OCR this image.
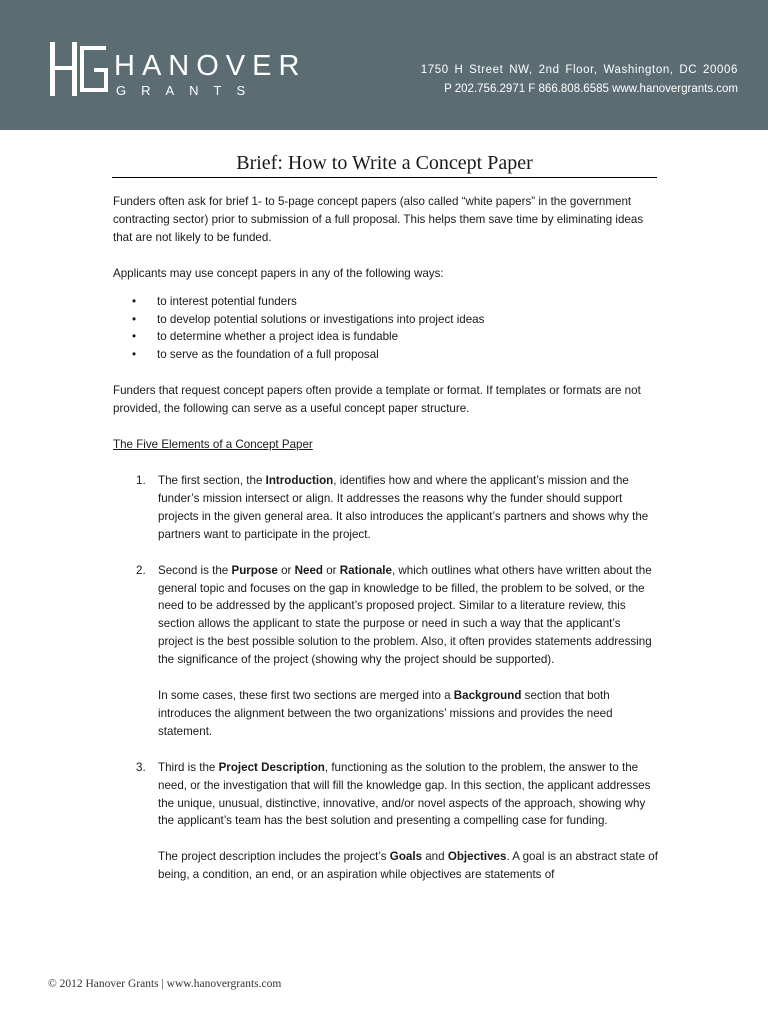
HANOVER
GRANTS
1750 H Street NW, 2nd Floor, Washington, DC 20006
P 202.756.2971 F 866.808.6585 www.hanovergrants.com
Brief: How to Write a Concept Paper

Funders often ask for brief 1- to 5-page concept papers (also called “white papers” in the government contracting sector) prior to submission of a full proposal. This helps them save time by eliminating ideas that are not likely to be funded.

Applicants may use concept papers in any of the following ways:

• to interest potential funders
• to develop potential solutions or investigations into project ideas
• to determine whether a project idea is fundable
• to serve as the foundation of a full proposal

Funders that request concept papers often provide a template or format. If templates or formats are not provided, the following can serve as a useful concept paper structure.

The Five Elements of a Concept Paper

1. The first section, the Introduction, identifies how and where the applicant’s mission and the funder’s mission intersect or align. It addresses the reasons why the funder should support projects in the given general area. It also introduces the applicant’s partners and shows why the partners want to participate in the project.

2. Second is the Purpose or Need or Rationale, which outlines what others have written about the general topic and focuses on the gap in knowledge to be filled, the problem to be solved, or the need to be addressed by the applicant’s proposed project. Similar to a literature review, this section allows the applicant to state the purpose or need in such a way that the applicant’s project is the best possible solution to the problem. Also, it often provides statements addressing the significance of the project (showing why the project should be supported).

In some cases, these first two sections are merged into a Background section that both introduces the alignment between the two organizations’ missions and provides the need statement.

3. Third is the Project Description, functioning as the solution to the problem, the answer to the need, or the investigation that will fill the knowledge gap. In this section, the applicant addresses the unique, unusual, distinctive, innovative, and/or novel aspects of the approach, showing why the applicant’s team has the best solution and presenting a compelling case for funding.

The project description includes the project’s Goals and Objectives. A goal is an abstract state of being, a condition, an end, or an aspiration while objectives are statements of

© 2012 Hanover Grants | www.hanovergrants.com
